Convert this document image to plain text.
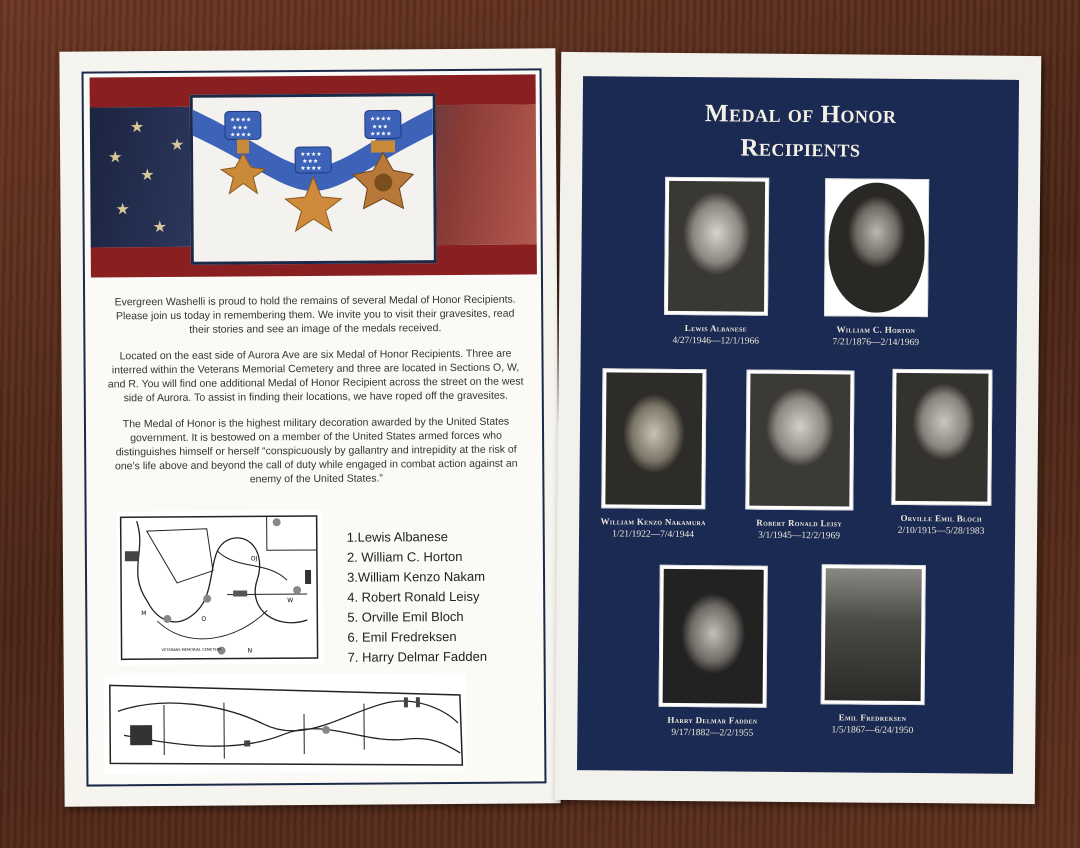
★
★
★
★
★
★
★★★★
★★★
★★★★
★★★★
★★★
★★★★
★★★★
★★★
★★★★

Evergreen Washelli is proud to hold the remains of several Medal of Honor Recipients. Please join us today in remembering them. We invite you to visit their gravesites, read their stories and see an image of the medals received.

Located on the east side of Aurora Ave are six Medal of Honor Recipients. Three are interred within the Veterans Memorial Cemetery and three are located in Sections O, W, and R. You will find one additional Medal of Honor Recipient across the street on the west side of Aurora. To assist in finding their locations, we have roped off the gravesites.

The Medal of Honor is the highest military decoration awarded by the United States government. It is bestowed on a member of the United States armed forces who distinguishes himself or herself “conspicuously by gallantry and intrepidity at the risk of one’s life above and beyond the call of duty while engaged in combat action against an enemy of the United States.”

M
O
W
N
OJ
VETERANS MEMORIAL CEMETERY
1.Lewis Albanese
2. William C. Horton
3.William Kenzo Nakam
4. Robert Ronald Leisy
5. Orville Emil Bloch
6. Emil Fredreksen
7. Harry Delmar Fadden
Medal of Honor
Recipients
Lewis Albanese
4/27/1946—12/1/1966
William C. Horton
7/21/1876—2/14/1969
William Kenzo Nakamura
1/21/1922—7/4/1944
Robert Ronald Leisy
3/1/1945—12/2/1969
Orville Emil Bloch
2/10/1915—5/28/1983
Harry Delmar Fadden
9/17/1882—2/2/1955
Emil Fredreksen
1/5/1867—6/24/1950
